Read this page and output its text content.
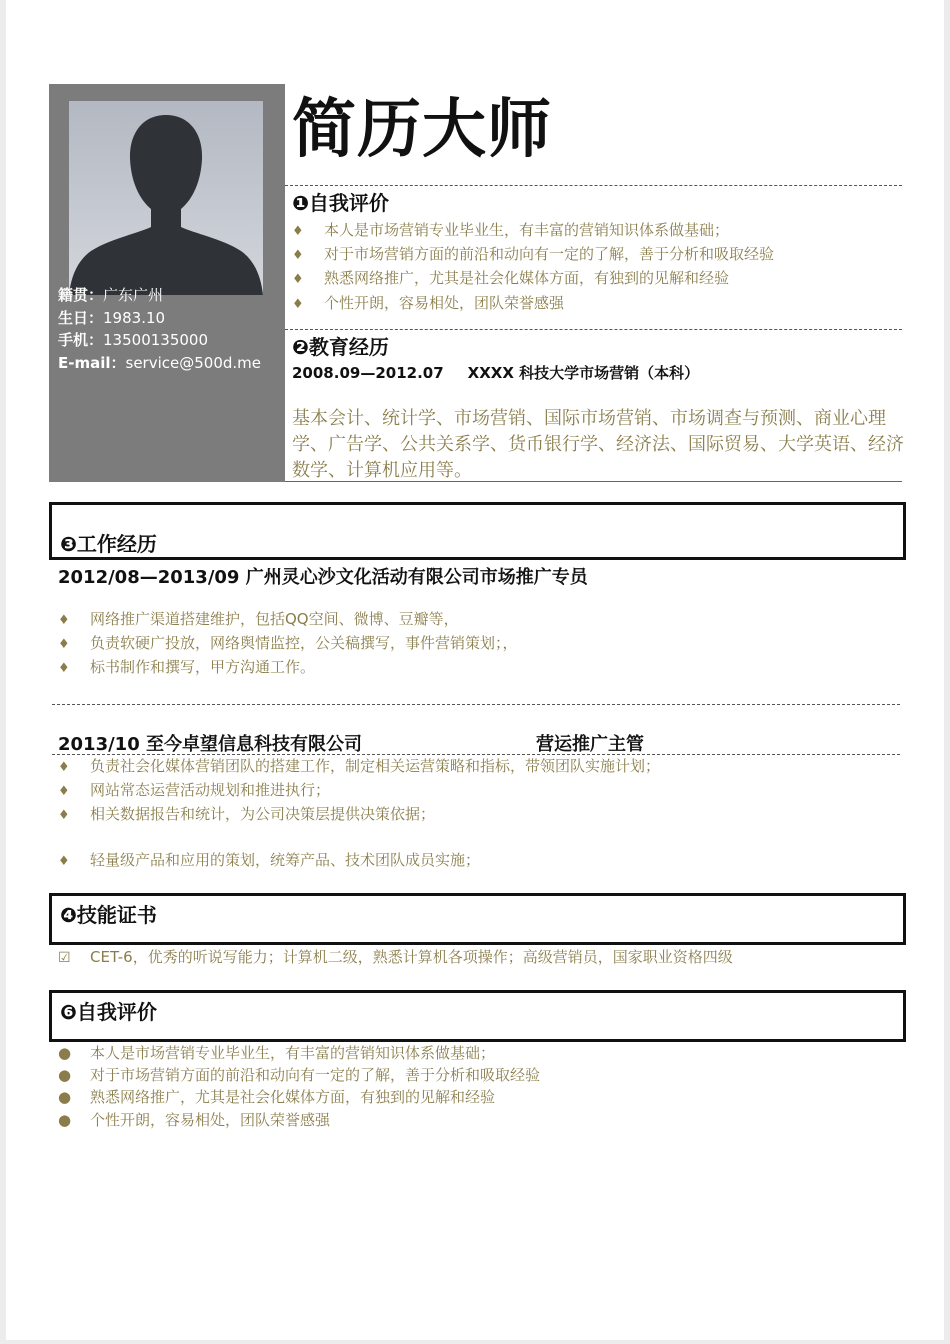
籍贯：广东广州
生日：1983.10
手机：13500135000
E-mail：service@500d.me
简历大师
❶自我评价
♦ 本人是市场营销专业毕业生，有丰富的营销知识体系做基础；
♦ 对于市场营销方面的前沿和动向有一定的了解，善于分析和吸取经验
♦ 熟悉网络推广，尤其是社会化媒体方面，有独到的见解和经验
♦ 个性开朗，容易相处，团队荣誉感强
❷教育经历
2008.09—2012.07 XXXX 科技大学市场营销（本科）
基本会计、统计学、市场营销、国际市场营销、市场调查与预测、商业心理学、广告学、公共关系学、货币银行学、经济法、国际贸易、大学英语、经济数学、计算机应用等。
❸工作经历
2012/08—2013/09 广州灵心沙文化活动有限公司市场推广专员
♦ 网络推广渠道搭建维护，包括QQ空间、微博、豆瓣等，
♦ 负责软硬广投放，网络舆情监控，公关稿撰写，事件营销策划；，
♦ 标书制作和撰写，甲方沟通工作。
2013/10 至今卓望信息科技有限公司	营运推广主管
♦ 负责社会化媒体营销团队的搭建工作，制定相关运营策略和指标，带领团队实施计划；
♦ 网站常态运营活动规划和推进执行；
♦ 相关数据报告和统计，为公司决策层提供决策依据；
♦ 轻量级产品和应用的策划，统筹产品、技术团队成员实施；
❹技能证书
☑ CET-6，优秀的听说写能力；计算机二级，熟悉计算机各项操作；高级营销员，国家职业资格四级
❻自我评价
● 本人是市场营销专业毕业生，有丰富的营销知识体系做基础；
● 对于市场营销方面的前沿和动向有一定的了解，善于分析和吸取经验
● 熟悉网络推广，尤其是社会化媒体方面，有独到的见解和经验
● 个性开朗，容易相处，团队荣誉感强
